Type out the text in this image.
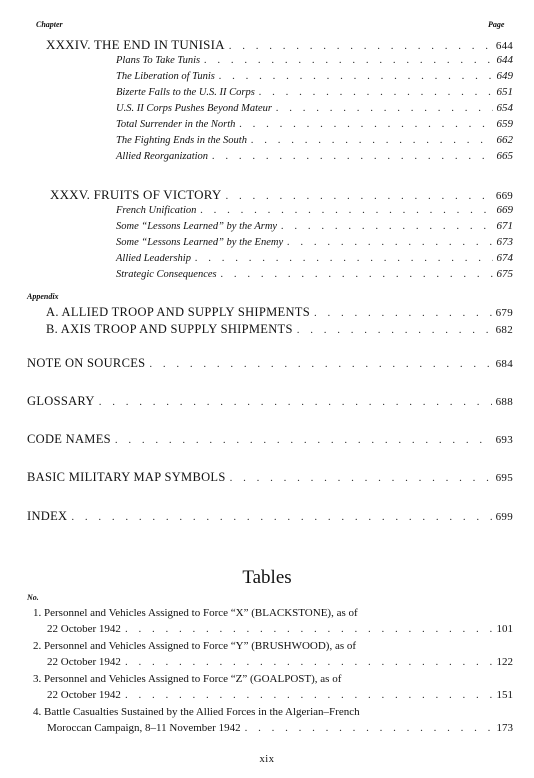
Chapter	Page
XXXIV. THE END IN TUNISIA . . .	644
Plans To Take Tunis . . .	644
The Liberation of Tunis . . .	649
Bizerte Falls to the U.S. II Corps . . .	651
U.S. II Corps Pushes Beyond Mateur . . .	654
Total Surrender in the North . . .	659
The Fighting Ends in the South . . .	662
Allied Reorganization . . .	665
XXXV. FRUITS OF VICTORY . . .	669
French Unification . . .	669
Some “Lessons Learned” by the Army . . .	671
Some “Lessons Learned” by the Enemy . . .	673
Allied Leadership . . .	674
Strategic Consequences . . .	675
Appendix
A. ALLIED TROOP AND SUPPLY SHIPMENTS . . .	679
B. AXIS TROOP AND SUPPLY SHIPMENTS . . .	682
NOTE ON SOURCES . . .	684
GLOSSARY . . .	688
CODE NAMES . . .	693
BASIC MILITARY MAP SYMBOLS . . .	695
INDEX . . .	699
Tables
No.
1. Personnel and Vehicles Assigned to Force “X” (BLACKSTONE), as of
22 October 1942 . . .	101
2. Personnel and Vehicles Assigned to Force “Y” (BRUSHWOOD), as of
22 October 1942 . . .	122
3. Personnel and Vehicles Assigned to Force “Z” (GOALPOST), as of
22 October 1942 . . .	151
4. Battle Casualties Sustained by the Allied Forces in the Algerian–French
Moroccan Campaign, 8–11 November 1942 . . .	173
xix
